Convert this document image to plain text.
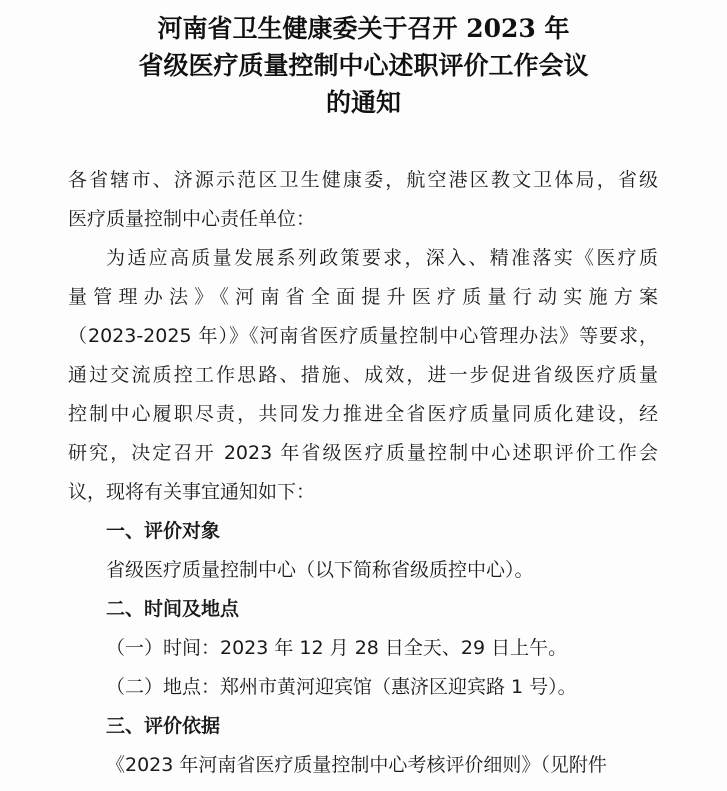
河南省卫生健康委关于召开 2023 年
省级医疗质量控制中心述职评价工作会议
的通知
各省辖市、济源示范区卫生健康委，航空港区教文卫体局，省级
医疗质量控制中心责任单位：
为适应高质量发展系列政策要求，深入、精准落实《医疗质
量管理办法》《河南省全面提升医疗质量行动实施方案
（2023-2025 年）》《河南省医疗质量控制中心管理办法》等要求，
通过交流质控工作思路、措施、成效，进一步促进省级医疗质量
控制中心履职尽责，共同发力推进全省医疗质量同质化建设，经
研究，决定召开 2023 年省级医疗质量控制中心述职评价工作会
议，现将有关事宜通知如下：
一、评价对象
省级医疗质量控制中心（以下简称省级质控中心）。
二、时间及地点
（一）时间：2023 年 12 月 28 日全天、29 日上午。
（二）地点：郑州市黄河迎宾馆（惠济区迎宾路 1 号）。
三、评价依据
《2023 年河南省医疗质量控制中心考核评价细则》（见附件
